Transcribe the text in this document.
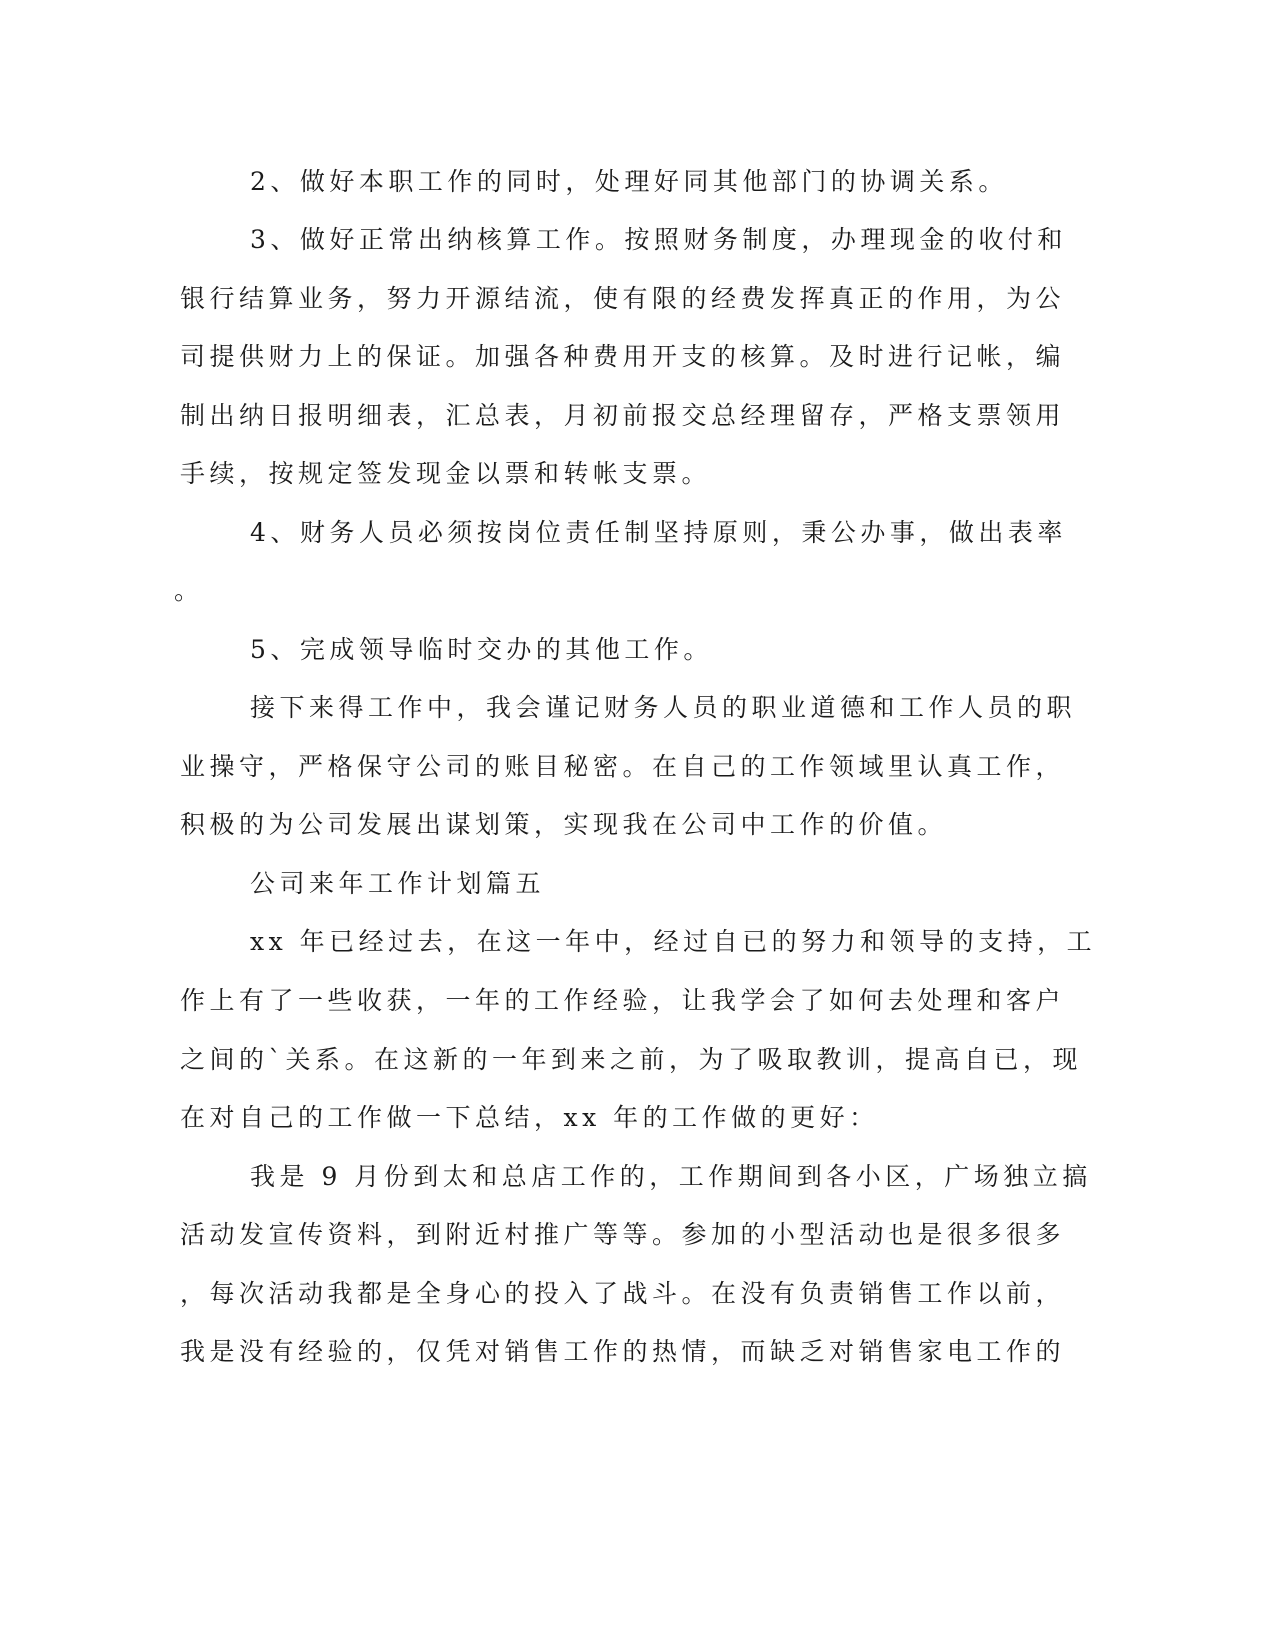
2、做好本职工作的同时，处理好同其他部门的协调关系。

3、做好正常出纳核算工作。按照财务制度，办理现金的收付和

银行结算业务，努力开源结流，使有限的经费发挥真正的作用，为公

司提供财力上的保证。加强各种费用开支的核算。及时进行记帐，编

制出纳日报明细表，汇总表，月初前报交总经理留存，严格支票领用

手续，按规定签发现金以票和转帐支票。

4、财务人员必须按岗位责任制坚持原则，秉公办事，做出表率

。

5、完成领导临时交办的其他工作。

接下来得工作中，我会谨记财务人员的职业道德和工作人员的职

业操守，严格保守公司的账目秘密。在自己的工作领域里认真工作，

积极的为公司发展出谋划策，实现我在公司中工作的价值。

公司来年工作计划篇五

xx 年已经过去，在这一年中，经过自已的努力和领导的支持，工

作上有了一些收获，一年的工作经验，让我学会了如何去处理和客户

之间的`关系。在这新的一年到来之前，为了吸取教训，提高自已，现

在对自己的工作做一下总结，xx 年的工作做的更好：

我是 9 月份到太和总店工作的，工作期间到各小区，广场独立搞

活动发宣传资料，到附近村推广等等。参加的小型活动也是很多很多

，每次活动我都是全身心的投入了战斗。在没有负责销售工作以前，

我是没有经验的，仅凭对销售工作的热情，而缺乏对销售家电工作的
